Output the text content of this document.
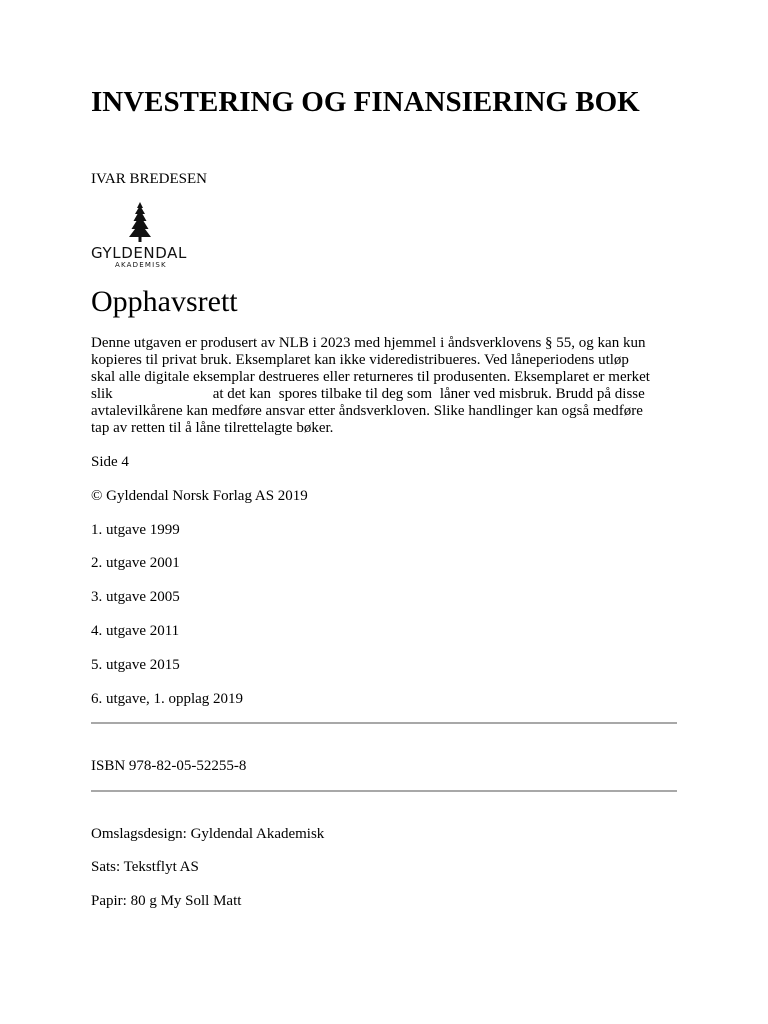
INVESTERING OG FINANSIERING BOK
IVAR BREDESEN
GYLDENDAL
AKADEMISK
Opphavsrett
Denne utgaven er produsert av NLB i 2023 med hjemmel i åndsverklovens § 55, og kan kun
kopieres til privat bruk. Eksemplaret kan ikke videredistribueres. Ved låneperiodens utløp
skal alle digitale eksemplar destrueres eller returneres til produsenten. Eksemplaret er merket
slik	at det kan spores tilbake til deg som låner ved misbruk. Brudd på disse
avtalevilkårene kan medføre ansvar etter åndsverkloven. Slike handlinger kan også medføre
tap av retten til å låne tilrettelagte bøker.
Side 4
© Gyldendal Norsk Forlag AS 2019
1. utgave 1999
2. utgave 2001
3. utgave 2005
4. utgave 2011
5. utgave 2015
6. utgave, 1. opplag 2019
ISBN 978-82-05-52255-8
Omslagsdesign: Gyldendal Akademisk
Sats: Tekstflyt AS
Papir: 80 g My Soll Matt
